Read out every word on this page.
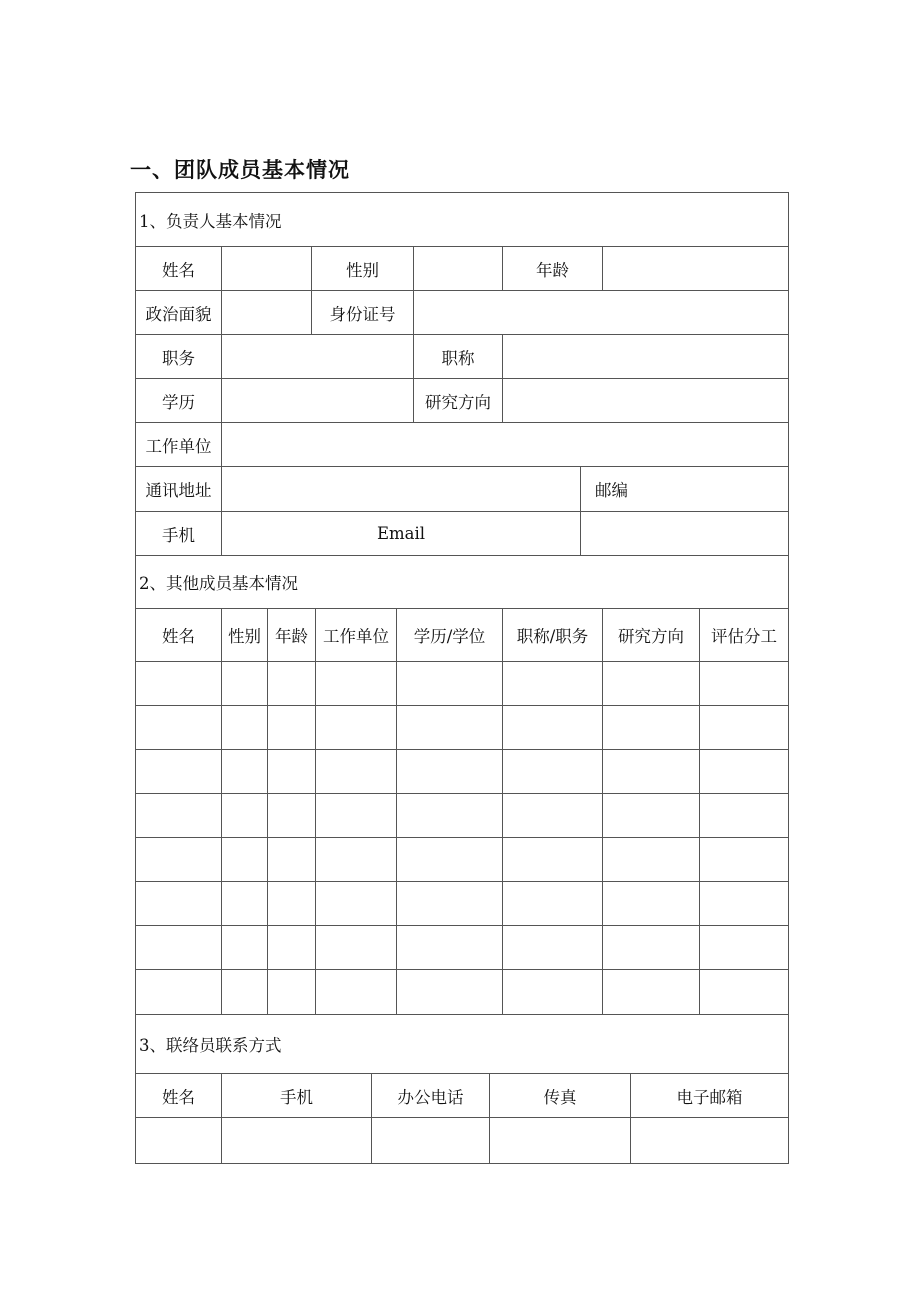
一、团队成员基本情况
1、负责人基本情况
姓名	性别	年龄
政治面貌	身份证号
职务	职称
学历	研究方向
工作单位
通讯地址	邮编
手机	Email
2、其他成员基本情况
姓名	性别 年龄 工作单位	学历/学位	职称/职务	研究方向	评估分工
3、联络员联系方式
姓名	手机	办公电话	传真	电子邮箱
